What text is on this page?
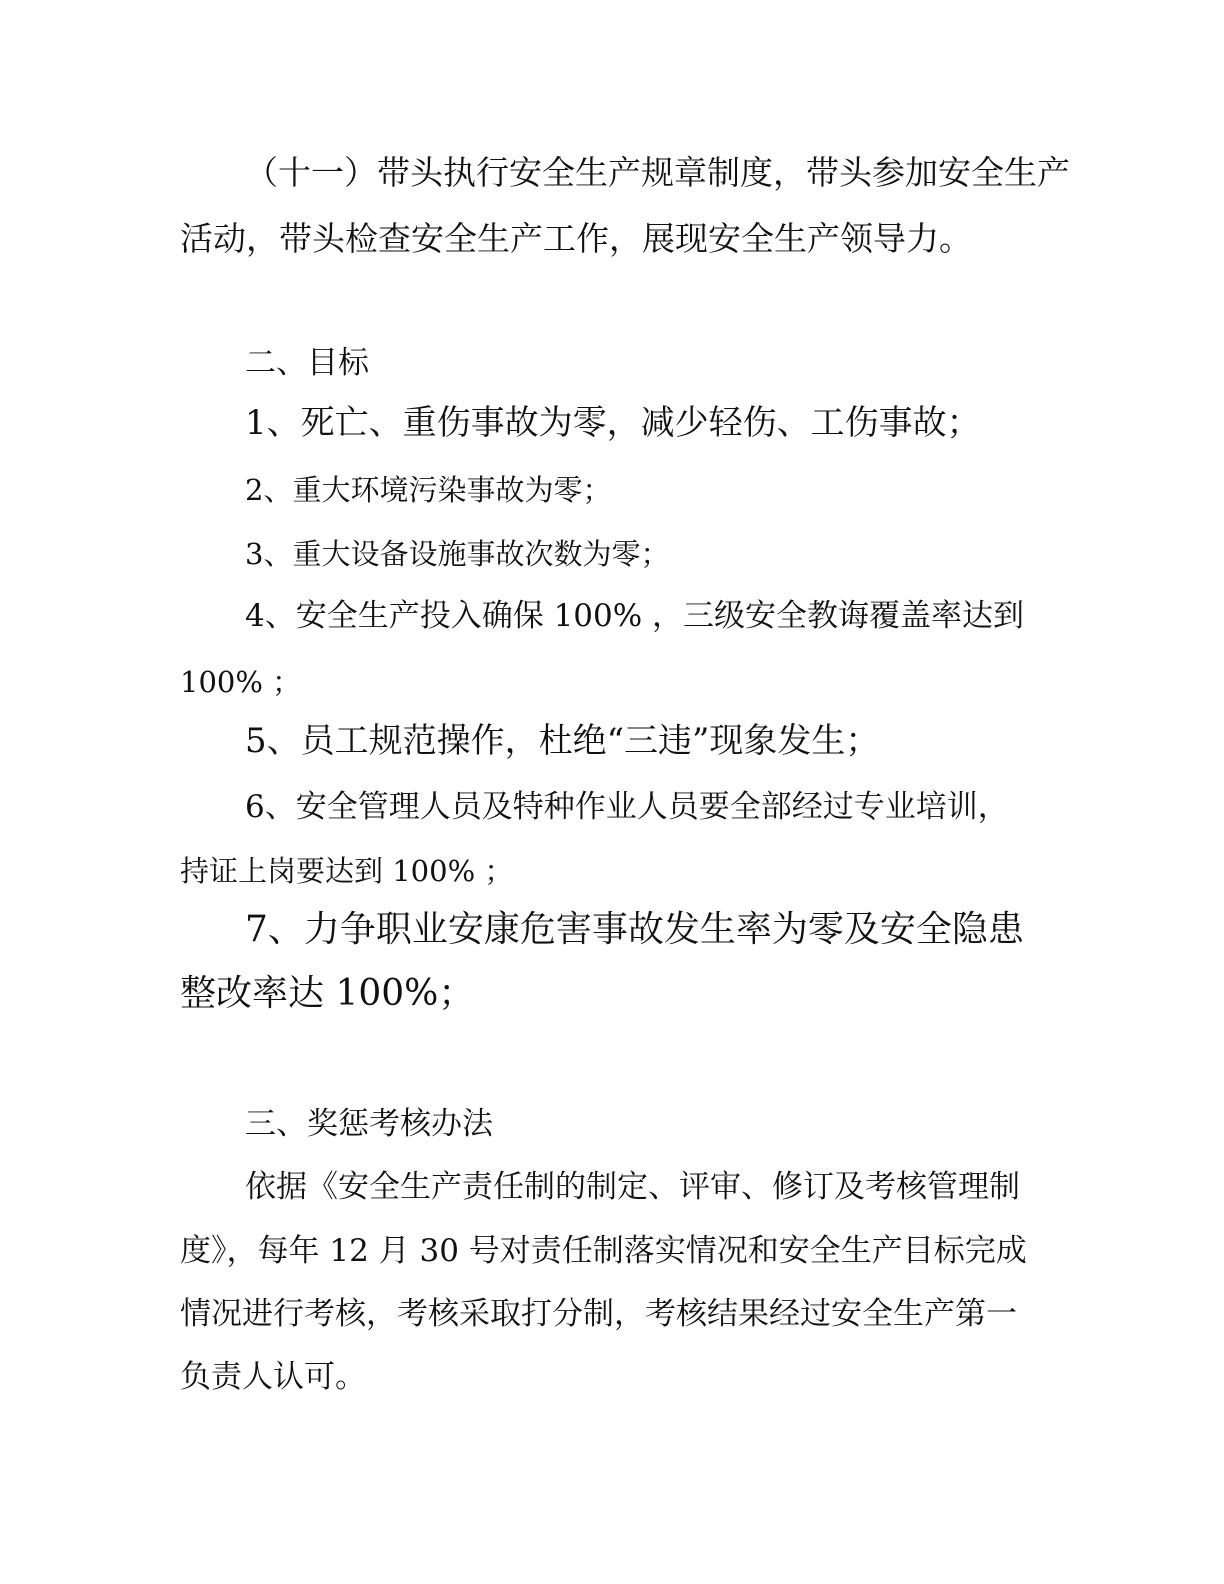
（十一）带头执行安全生产规章制度，带头参加安全生产
活动，带头检查安全生产工作，展现安全生产领导力。
二、目标
1、死亡、重伤事故为零，减少轻伤、工伤事故；
2、重大环境污染事故为零；
3、重大设备设施事故次数为零；
4、安全生产投入确保 100% ，三级安全教诲覆盖率达到
100% ；
5、员工规范操作，杜绝“三违”现象发生；
6、安全管理人员及特种作业人员要全部经过专业培训，
持证上岗要达到 100% ；
7、力争职业安康危害事故发生率为零及安全隐患
整改率达 100%；
三、奖惩考核办法
依据《安全生产责任制的制定、评审、修订及考核管理制
度》，每年 12 月 30 号对责任制落实情况和安全生产目标完成
情况进行考核，考核采取打分制，考核结果经过安全生产第一
负责人认可。
